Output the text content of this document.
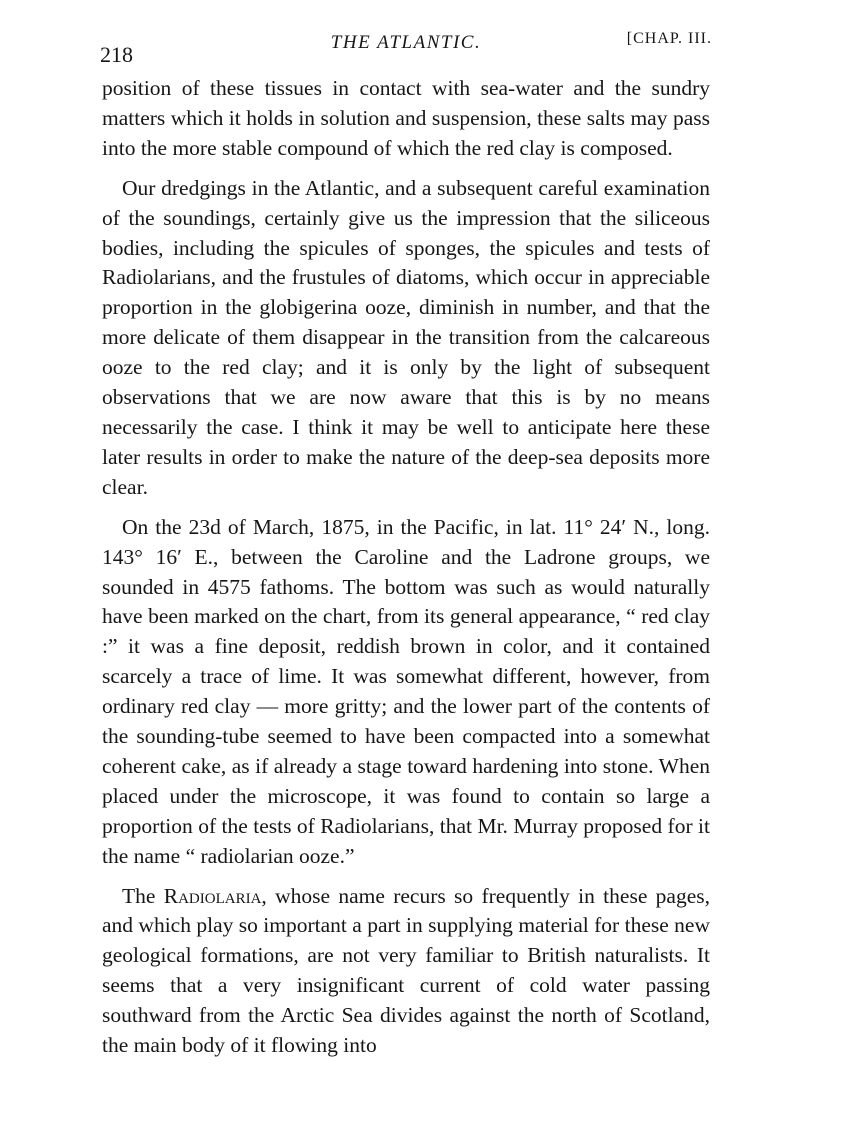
218	THE ATLANTIC.	[CHAP. III.

position of these tissues in contact with sea-water and the sundry matters which it holds in solution and suspension, these salts may pass into the more stable compound of which the red clay is composed.

Our dredgings in the Atlantic, and a subsequent careful examination of the soundings, certainly give us the impression that the siliceous bodies, including the spicules of sponges, the spicules and tests of Radiolarians, and the frustules of diatoms, which occur in appreciable proportion in the globigerina ooze, diminish in number, and that the more delicate of them disappear in the transition from the calcareous ooze to the red clay; and it is only by the light of subsequent observations that we are now aware that this is by no means necessarily the case. I think it may be well to anticipate here these later results in order to make the nature of the deep-sea deposits more clear.

On the 23d of March, 1875, in the Pacific, in lat. 11° 24′ N., long. 143° 16′ E., between the Caroline and the Ladrone groups, we sounded in 4575 fathoms. The bottom was such as would naturally have been marked on the chart, from its general appearance, “ red clay :” it was a fine deposit, reddish brown in color, and it contained scarcely a trace of lime. It was somewhat different, however, from ordinary red clay — more gritty; and the lower part of the contents of the sounding-tube seemed to have been compacted into a somewhat coherent cake, as if already a stage toward hardening into stone. When placed under the microscope, it was found to contain so large a proportion of the tests of Radiolarians, that Mr. Murray proposed for it the name “ radiolarian ooze.”

The Radiolaria, whose name recurs so frequently in these pages, and which play so important a part in supplying material for these new geological formations, are not very familiar to British naturalists. It seems that a very insignificant current of cold water passing southward from the Arctic Sea divides against the north of Scotland, the main body of it flowing into
